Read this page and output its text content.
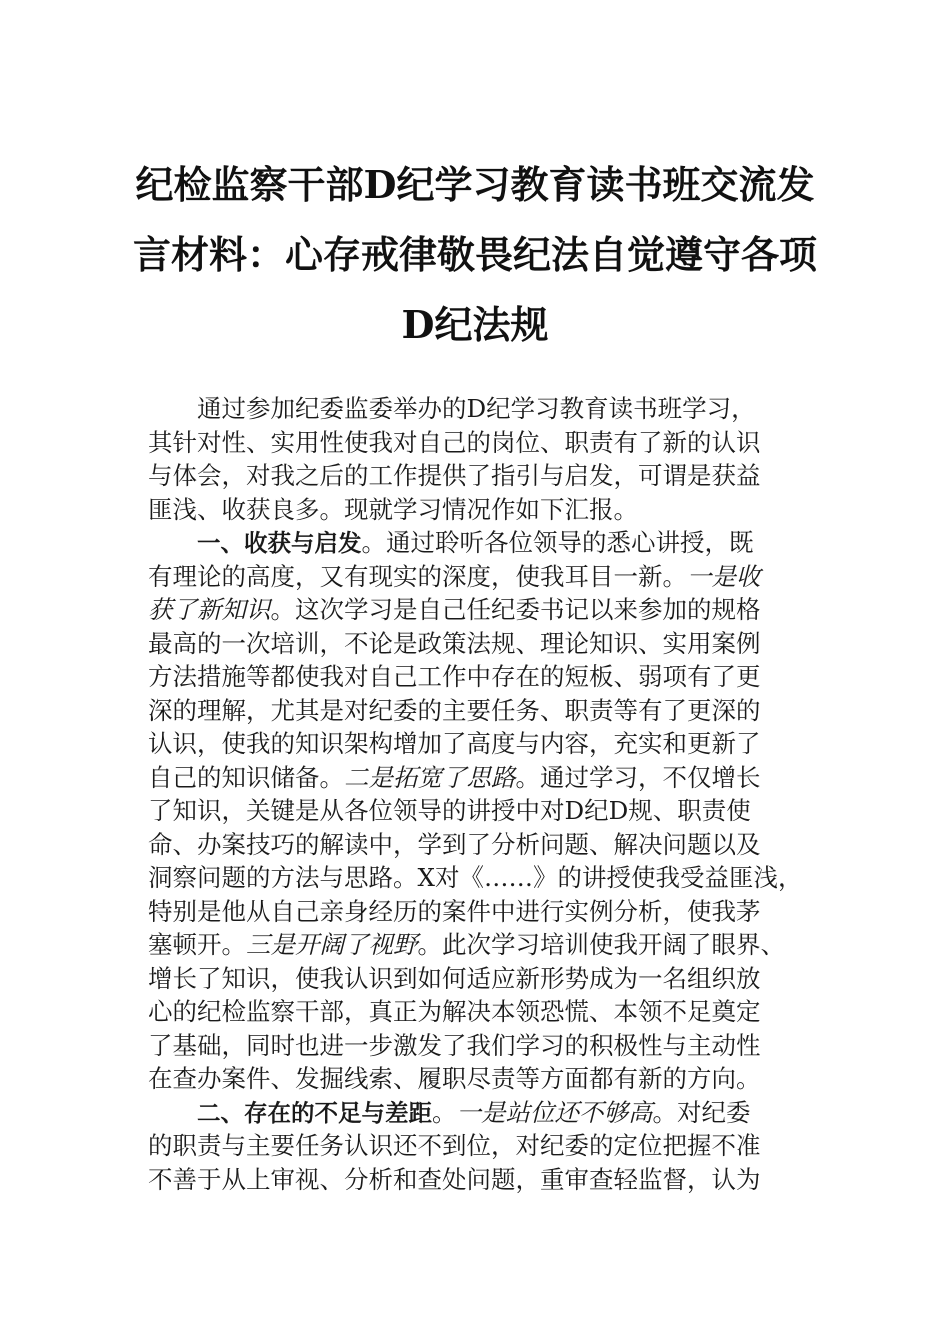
纪检监察干部D纪学习教育读书班交流发
言材料：心存戒律敬畏纪法自觉遵守各项
D纪法规
通过参加纪委监委举办的D纪学习教育读书班学习，
其针对性、实用性使我对自己的岗位、职责有了新的认识
与体会，对我之后的工作提供了指引与启发，可谓是获益
匪浅、收获良多。现就学习情况作如下汇报。
一、收获与启发。通过聆听各位领导的悉心讲授，既
有理论的高度，又有现实的深度，使我耳目一新。一是收
获了新知识。这次学习是自己任纪委书记以来参加的规格
最高的一次培训，不论是政策法规、理论知识、实用案例
方法措施等都使我对自己工作中存在的短板、弱项有了更
深的理解，尤其是对纪委的主要任务、职责等有了更深的
认识，使我的知识架构增加了高度与内容，充实和更新了
自己的知识储备。二是拓宽了思路。通过学习，不仅增长
了知识，关键是从各位领导的讲授中对D纪D规、职责使
命、办案技巧的解读中，学到了分析问题、解决问题以及
洞察问题的方法与思路。X对《……》的讲授使我受益匪浅，
特别是他从自己亲身经历的案件中进行实例分析，使我茅
塞顿开。三是开阔了视野。此次学习培训使我开阔了眼界、
增长了知识，使我认识到如何适应新形势成为一名组织放
心的纪检监察干部，真正为解决本领恐慌、本领不足奠定
了基础，同时也进一步激发了我们学习的积极性与主动性
在查办案件、发掘线索、履职尽责等方面都有新的方向。
二、存在的不足与差距。一是站位还不够高。对纪委
的职责与主要任务认识还不到位，对纪委的定位把握不准
不善于从上审视、分析和查处问题，重审查轻监督，认为
